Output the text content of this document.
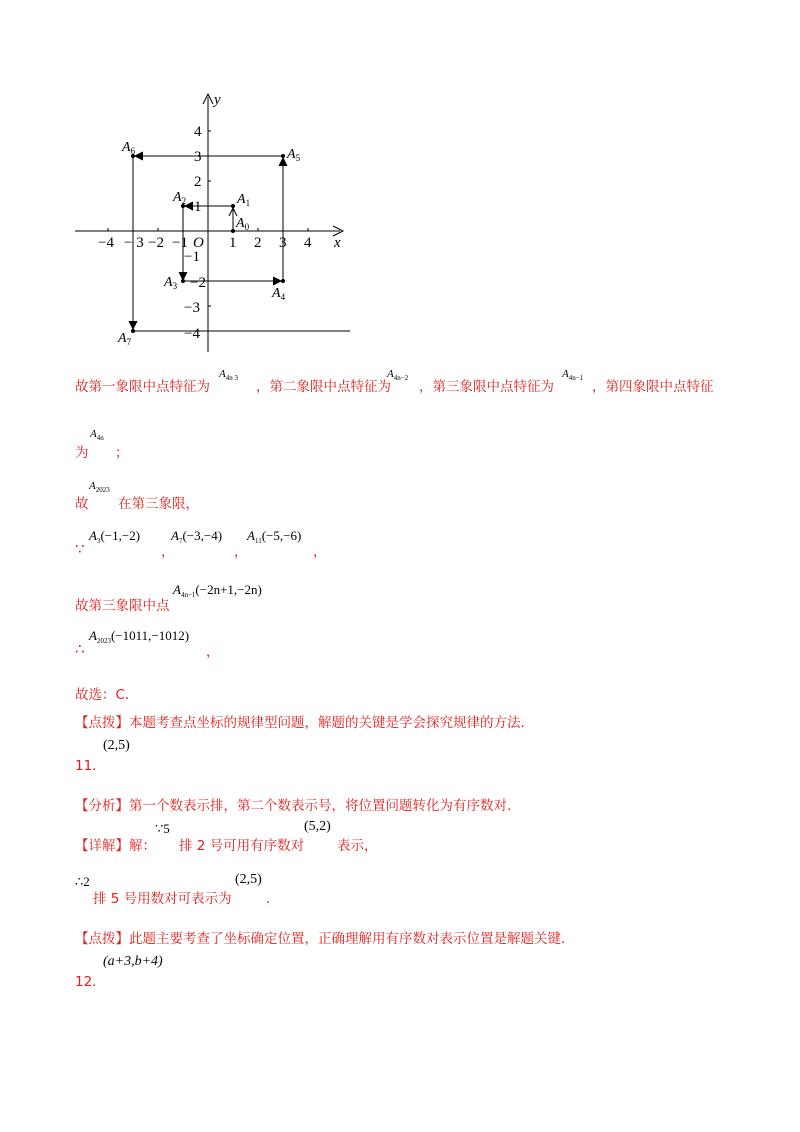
x
y
O
−4 − 3 −2 −1	1 2 3 4
4
3
2
1
−1
−2
−3
−4
$A_0$
$A_1$
$A_2$
$A_3$	$A_4$
$A_5$
$A_6$
$A_7$
故第一象限中点特征为
$A_{4n 3}$
，第二象限中点特征为
$A_{4n-2}$
，第三象限中点特征为
$A_{4n-1}$
，第四象限中点特征
为
$A_{4n}$
；
故
$A_{2023}$
在第三象限，
∵
$A_3(-1,-2)$
，
$A_7(-3,-4)$
，
$A_{11}(-5,-6)$
，
故第三象限中点
$A_{4n-1}(-2n+1,-2n)$
∴
$A_{2023}(-1011,-1012)$
，
故选：C．
【点拨】本题考查点坐标的规律型问题，解题的关键是学会探究规律的方法．
11．
(2,5)
【分析】第一个数表示排，第二个数表示号，将位置问题转化为有序数对．
【详解】解：
∵5
排 2 号可用有序数对
(5,2)
表示，
∴2
排 5 号用数对可表示为
(2,5)
．
【点拨】此题主要考查了坐标确定位置，正确理解用有序数对表示位置是解题关键．
12．
(a+3,b+4)
